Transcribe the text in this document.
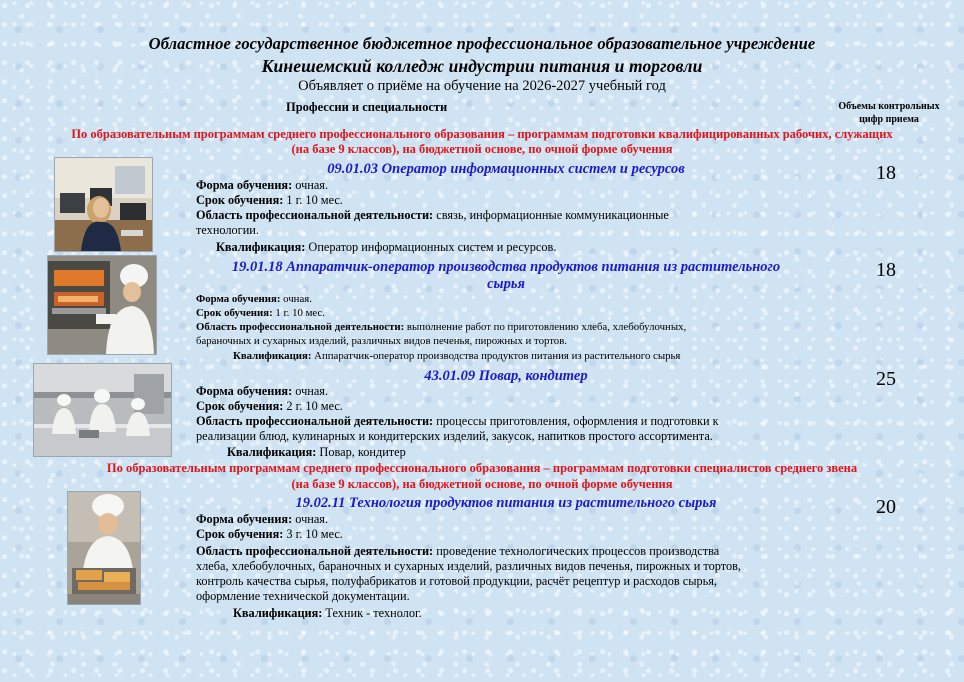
Областное государственное бюджетное профессиональное образовательное учреждение
Кинешемский колледж индустрии питания и торговли
Объявляет о приёме на обучение на 2026-2027 учебный год
Профессии и специальности	Объемы контрольных
цифр приема
По образовательным программам среднего профессионального образования – программам подготовки квалифицированных рабочих, служащих
(на базе 9 классов), на бюджетной основе, по очной форме обучения
09.01.03 Оператор информационных систем и ресурсов
Форма обучения: очная.
Срок обучения: 1 г. 10 мес.
Область профессиональной деятельности: связь, информационные коммуникационные
технологии.
Квалификация: Оператор информационных систем и ресурсов.
18
19.01.18 Аппаратчик-оператор производства продуктов питания из растительного
сырья
Форма обучения: очная.
Срок обучения: 1 г. 10 мес.
Область профессиональной деятельности: выполнение работ по приготовлению хлеба, хлебобулочных,
бараночных и сухарных изделий, различных видов печенья, пирожных и тортов.
Квалификация: Аппаратчик-оператор производства продуктов питания из растительного сырья
18
43.01.09 Повар, кондитер
Форма обучения: очная.
Срок обучения: 2 г. 10 мес.
Область профессиональной деятельности: процессы приготовления, оформления и подготовки к
реализации блюд, кулинарных и кондитерских изделий, закусок, напитков простого ассортимента.
Квалификация: Повар, кондитер
25
По образовательным программам среднего профессионального образования – программам подготовки специалистов среднего звена
(на базе 9 классов), на бюджетной основе, по очной форме обучения
19.02.11 Технология продуктов питания из растительного сырья
Форма обучения: очная.
Срок обучения: 3 г. 10 мес.
Область профессиональной деятельности: проведение технологических процессов производства
хлеба, хлебобулочных, бараночных и сухарных изделий, различных видов печенья, пирожных и тортов,
контроль качества сырья, полуфабрикатов и готовой продукции, расчёт рецептур и расходов сырья,
оформление технической документации.
Квалификация: Техник - технолог.
20
